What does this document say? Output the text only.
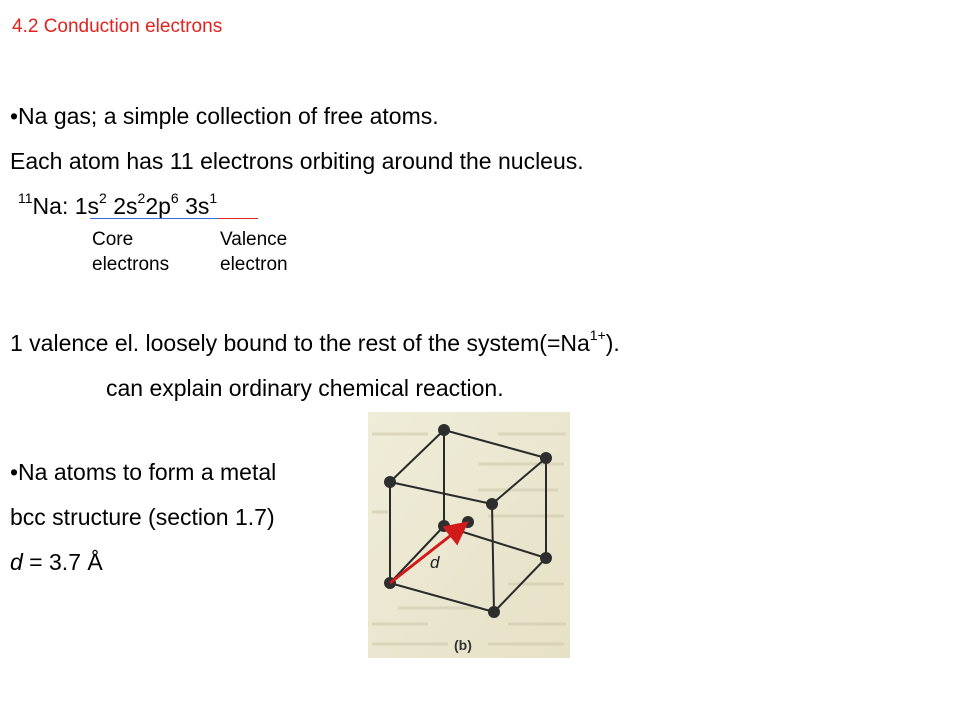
4.2 Conduction electrons
•Na gas; a simple collection of free atoms.
Each atom has 11 electrons orbiting around the nucleus.
$^{11}$Na: $1s^2$ $2s^22p^6$ $3s^1$
Core
electrons
Valence
electron
1 valence el. loosely bound to the rest of the $system(=Na^{1+})$.
can explain ordinary chemical reaction.
•Na atoms to form a metal
bcc structure (section 1.7)
d = 3.7 Å	d
(b)
